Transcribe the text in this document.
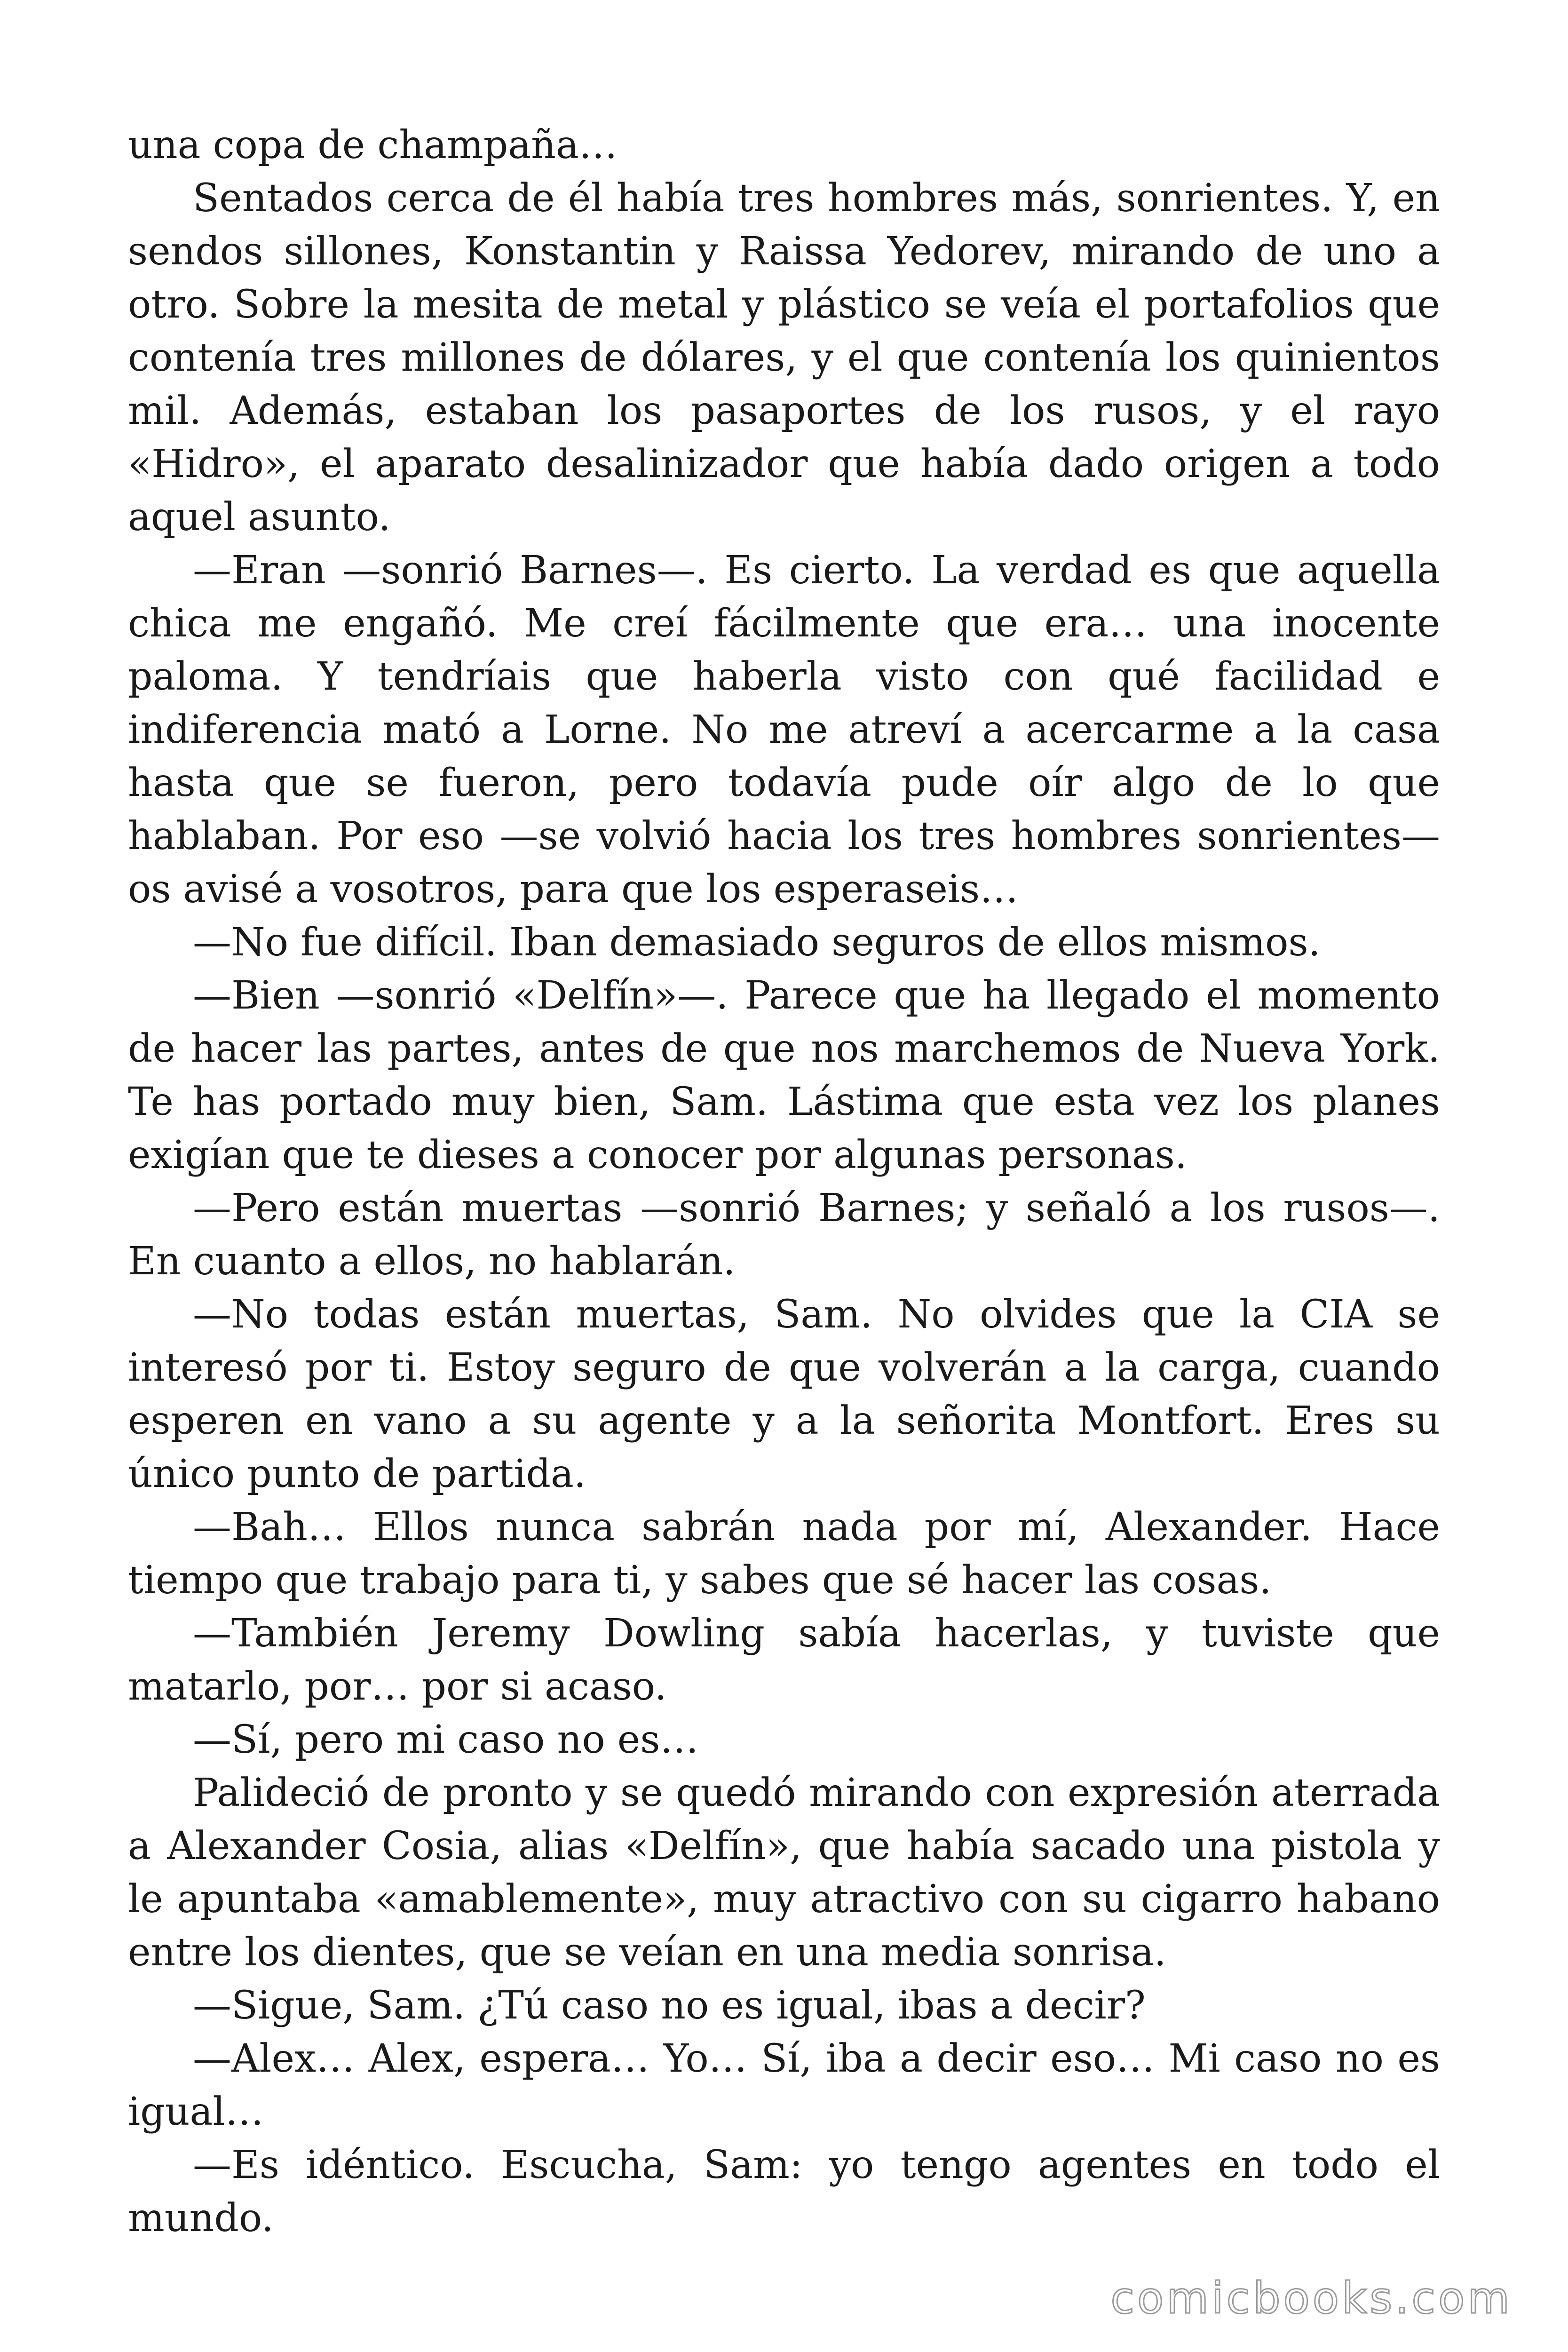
una copa de champaña…

Sentados cerca de él había tres hombres más, sonrientes. Y, en sendos sillones, Konstantin y Raissa Yedorev, mirando de uno a otro. Sobre la mesita de metal y plástico se veía el portafolios que contenía tres millones de dólares, y el que contenía los quinientos mil. Además, estaban los pasaportes de los rusos, y el rayo «Hidro», el aparato desalinizador que había dado origen a todo aquel asunto.

—Eran —sonrió Barnes—. Es cierto. La verdad es que aquella chica me engañó. Me creí fácilmente que era… una inocente paloma. Y tendríais que haberla visto con qué facilidad e indiferencia mató a Lorne. No me atreví a acercarme a la casa hasta que se fueron, pero todavía pude oír algo de lo que hablaban. Por eso —se volvió hacia los tres hombres sonrientes— os avisé a vosotros, para que los esperaseis…

—No fue difícil. Iban demasiado seguros de ellos mismos.

—Bien —sonrió «Delfín»—. Parece que ha llegado el momento de hacer las partes, antes de que nos marchemos de Nueva York. Te has portado muy bien, Sam. Lástima que esta vez los planes exigían que te dieses a conocer por algunas personas.

—Pero están muertas —sonrió Barnes; y señaló a los rusos—. En cuanto a ellos, no hablarán.

—No todas están muertas, Sam. No olvides que la CIA se interesó por ti. Estoy seguro de que volverán a la carga, cuando esperen en vano a su agente y a la señorita Montfort. Eres su único punto de partida.

—Bah… Ellos nunca sabrán nada por mí, Alexander. Hace tiempo que trabajo para ti, y sabes que sé hacer las cosas.

—También Jeremy Dowling sabía hacerlas, y tuviste que matarlo, por… por si acaso.

—Sí, pero mi caso no es…

Palideció de pronto y se quedó mirando con expresión aterrada a Alexander Cosia, alias «Delfín», que había sacado una pistola y le apuntaba «amablemente», muy atractivo con su cigarro habano entre los dientes, que se veían en una media sonrisa.

—Sigue, Sam. ¿Tú caso no es igual, ibas a decir?

—Alex… Alex, espera… Yo… Sí, iba a decir eso… Mi caso no es igual…

—Es idéntico. Escucha, Sam: yo tengo agentes en todo el mundo.

comicbooks.com
